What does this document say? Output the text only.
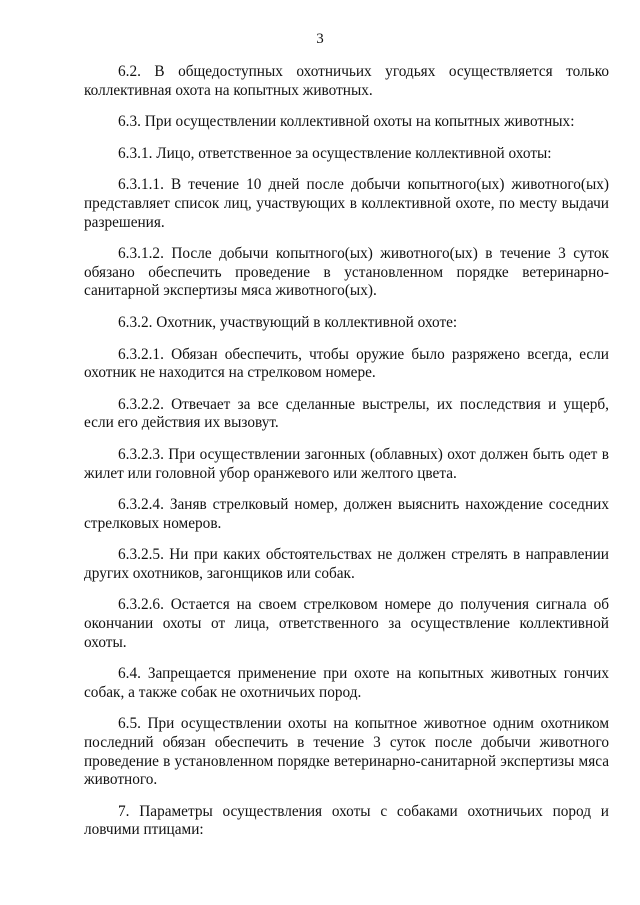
3

6.2. В общедоступных охотничьих угодьях осуществляется только коллективная охота на копытных животных.

6.3. При осуществлении коллективной охоты на копытных животных:

6.3.1. Лицо, ответственное за осуществление коллективной охоты:

6.3.1.1. В течение 10 дней после добычи копытного(ых) животного(ых) представляет список лиц, участвующих в коллективной охоте, по месту выдачи разрешения.

6.3.1.2. После добычи копытного(ых) животного(ых) в течение 3 суток обязано обеспечить проведение в установленном порядке ветеринарно-санитарной экспертизы мяса животного(ых).

6.3.2. Охотник, участвующий в коллективной охоте:

6.3.2.1. Обязан обеспечить, чтобы оружие было разряжено всегда, если охотник не находится на стрелковом номере.

6.3.2.2. Отвечает за все сделанные выстрелы, их последствия и ущерб, если его действия их вызовут.

6.3.2.3. При осуществлении загонных (облавных) охот должен быть одет в жилет или головной убор оранжевого или желтого цвета.

6.3.2.4. Заняв стрелковый номер, должен выяснить нахождение соседних стрелковых номеров.

6.3.2.5. Ни при каких обстоятельствах не должен стрелять в направлении других охотников, загонщиков или собак.

6.3.2.6. Остается на своем стрелковом номере до получения сигнала об окончании охоты от лица, ответственного за осуществление коллективной охоты.

6.4. Запрещается применение при охоте на копытных животных гончих собак, а также собак не охотничьих пород.

6.5. При осуществлении охоты на копытное животное одним охотником последний обязан обеспечить в течение 3 суток после добычи животного проведение в установленном порядке ветеринарно-санитарной экспертизы мяса животного.

7. Параметры осуществления охоты с собаками охотничьих пород и ловчими птицами:
